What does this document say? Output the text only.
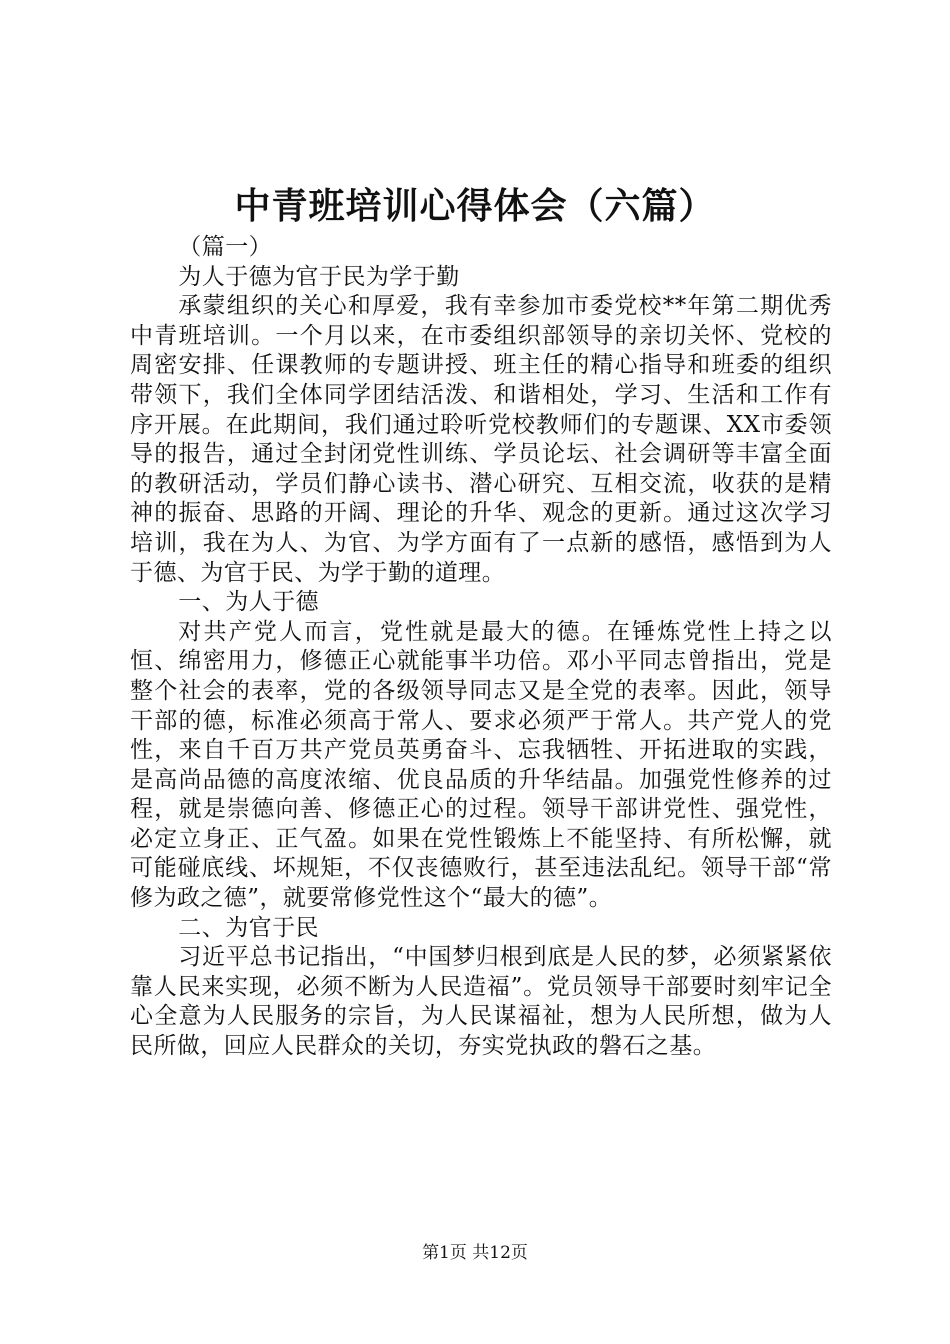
中青班培训心得体会（六篇）

（篇一）

为人于德为官于民为学于勤

承蒙组织的关心和厚爱，我有幸参加市委党校**年第二期优秀中青班培训。一个月以来，在市委组织部领导的亲切关怀、党校的周密安排、任课教师的专题讲授、班主任的精心指导和班委的组织带领下，我们全体同学团结活泼、和谐相处，学习、生活和工作有序开展。在此期间，我们通过聆听党校教师们的专题课、XX市委领导的报告，通过全封闭党性训练、学员论坛、社会调研等丰富全面的教研活动，学员们静心读书、潜心研究、互相交流，收获的是精神的振奋、思路的开阔、理论的升华、观念的更新。通过这次学习培训，我在为人、为官、为学方面有了一点新的感悟，感悟到为人于德、为官于民、为学于勤的道理。

一、为人于德

对共产党人而言，党性就是最大的德。在锤炼党性上持之以恒、绵密用力，修德正心就能事半功倍。邓小平同志曾指出，党是整个社会的表率，党的各级领导同志又是全党的表率。因此，领导干部的德，标准必须高于常人、要求必须严于常人。共产党人的党性，来自千百万共产党员英勇奋斗、忘我牺牲、开拓进取的实践，是高尚品德的高度浓缩、优良品质的升华结晶。加强党性修养的过程，就是崇德向善、修德正心的过程。领导干部讲党性、强党性，必定立身正、正气盈。如果在党性锻炼上不能坚持、有所松懈，就可能碰底线、坏规矩，不仅丧德败行，甚至违法乱纪。领导干部“常修为政之德”，就要常修党性这个“最大的德”。

二、为官于民

习近平总书记指出，“中国梦归根到底是人民的梦，必须紧紧依靠人民来实现，必须不断为人民造福”。党员领导干部要时刻牢记全心全意为人民服务的宗旨，为人民谋福祉，想为人民所想，做为人民所做，回应人民群众的关切，夯实党执政的磐石之基。

第1页 共12页
